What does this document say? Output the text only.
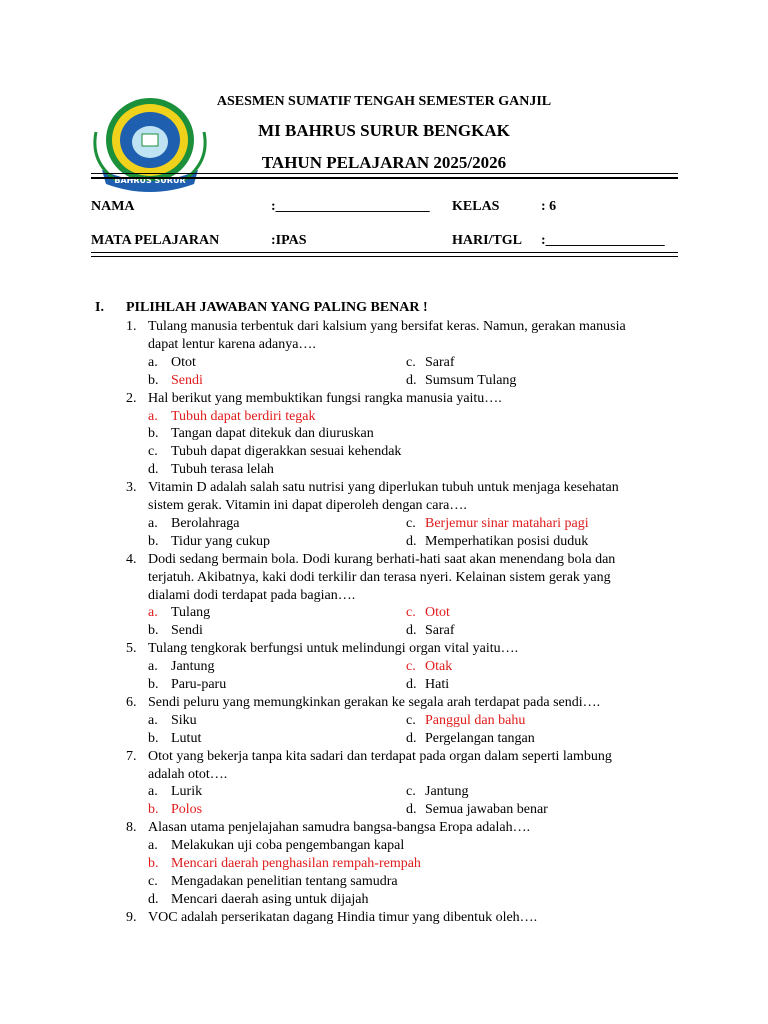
BAHRUS SURUR
ASESMEN SUMATIF TENGAH SEMESTER GANJIL
MI BAHRUS SURUR BENGKAK
TAHUN PELAJARAN 2025/2026
NAMA	:______________________ KELAS	: 6
MATA PELAJARAN	:IPAS	HARI/TGL :_________________
I. PILIHLAH JAWABAN YANG PALING BENAR !
1. Tulang manusia terbentuk dari kalsium yang bersifat keras. Namun, gerakan manusia
dapat lentur karena adanya….
a. Otot	c. Saraf
b. Sendi	d. Sumsum Tulang
2. Hal berikut yang membuktikan fungsi rangka manusia yaitu….
a. Tubuh dapat berdiri tegak
b. Tangan dapat ditekuk dan diuruskan
c. Tubuh dapat digerakkan sesuai kehendak
d. Tubuh terasa lelah
3. Vitamin D adalah salah satu nutrisi yang diperlukan tubuh untuk menjaga kesehatan
sistem gerak. Vitamin ini dapat diperoleh dengan cara….
a. Berolahraga	c. Berjemur sinar matahari pagi
b. Tidur yang cukup	d. Memperhatikan posisi duduk
4. Dodi sedang bermain bola. Dodi kurang berhati-hati saat akan menendang bola dan
terjatuh. Akibatnya, kaki dodi terkilir dan terasa nyeri. Kelainan sistem gerak yang
dialami dodi terdapat pada bagian….
a. Tulang	c. Otot
b. Sendi	d. Saraf
5. Tulang tengkorak berfungsi untuk melindungi organ vital yaitu….
a. Jantung	c. Otak
b. Paru-paru	d. Hati
6. Sendi peluru yang memungkinkan gerakan ke segala arah terdapat pada sendi….
a. Siku	c. Panggul dan bahu
b. Lutut	d. Pergelangan tangan
7. Otot yang bekerja tanpa kita sadari dan terdapat pada organ dalam seperti lambung
adalah otot….
a. Lurik	c. Jantung
b. Polos	d. Semua jawaban benar
8. Alasan utama penjelajahan samudra bangsa-bangsa Eropa adalah….
a. Melakukan uji coba pengembangan kapal
b. Mencari daerah penghasilan rempah-rempah
c. Mengadakan penelitian tentang samudra
d. Mencari daerah asing untuk dijajah
9. VOC adalah perserikatan dagang Hindia timur yang dibentuk oleh….
